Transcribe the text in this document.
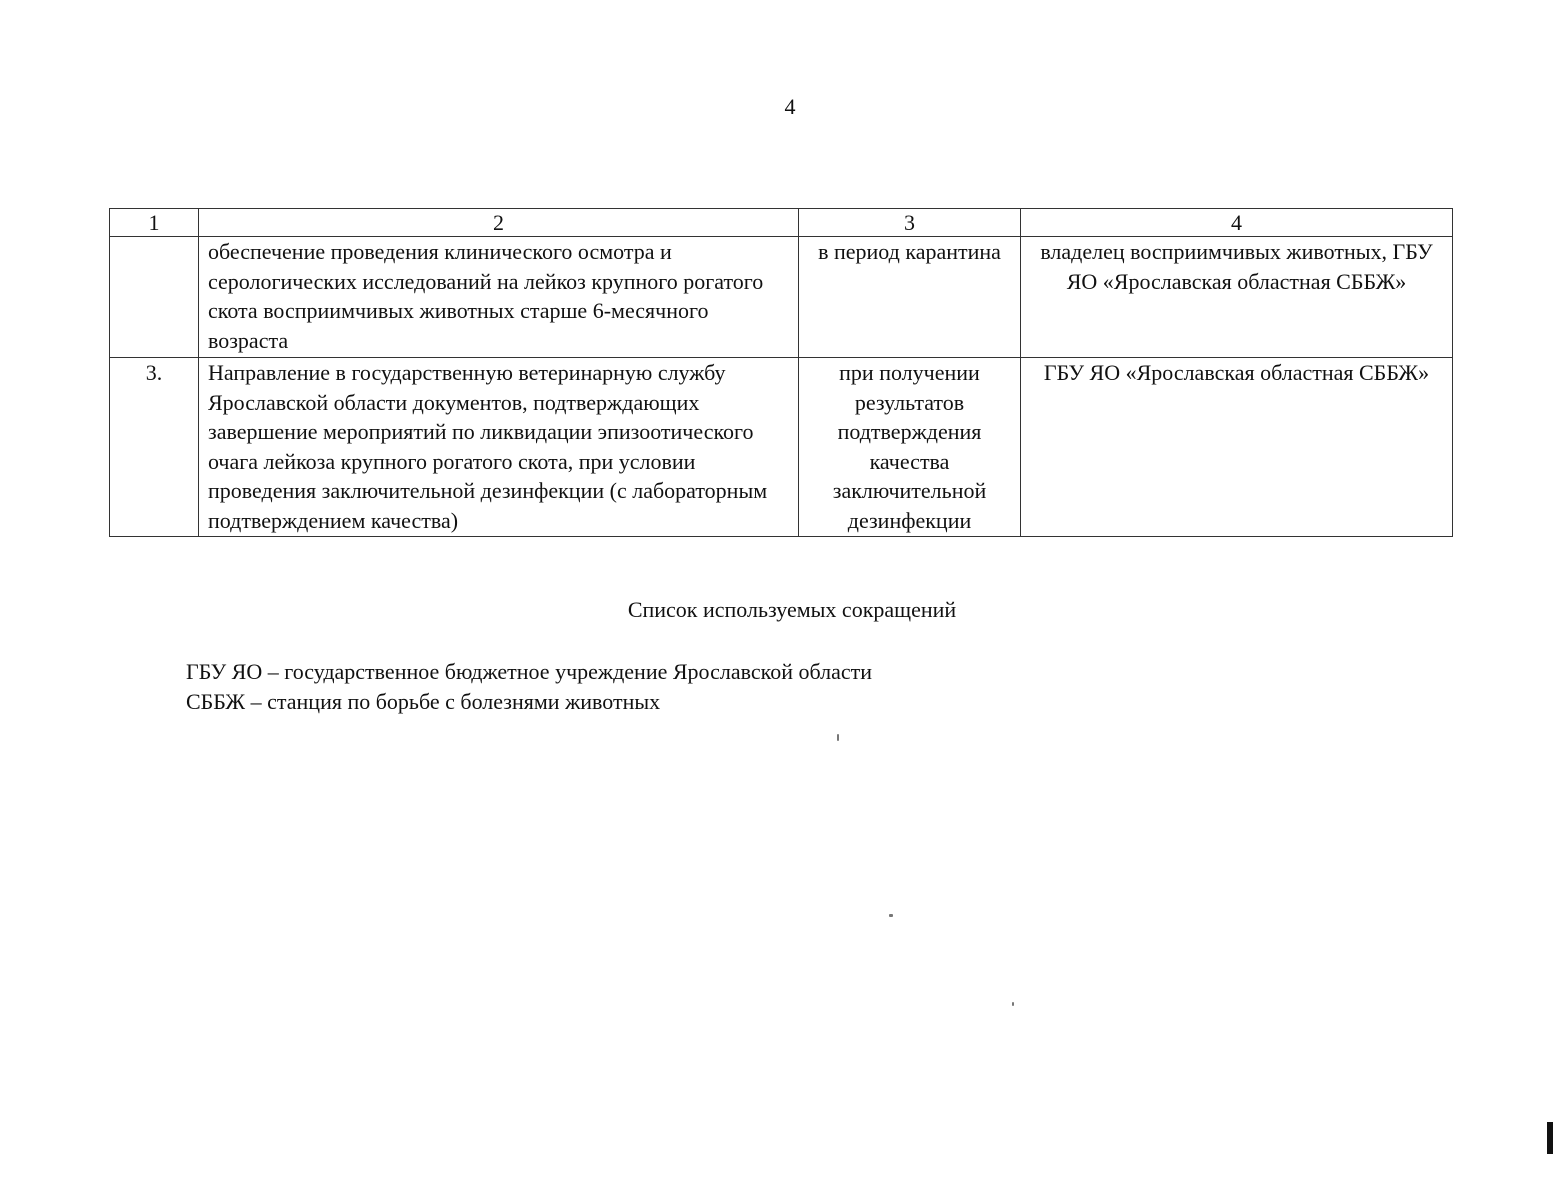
4
1	2	3	4
	обеспечение проведения клинического осмотра и серологических исследований на лейкоз крупного рогатого скота восприимчивых животных старше 6-месячного возраста	в период карантина	владелец восприимчивых животных, ГБУ ЯО «Ярославская областная СББЖ»
3.	Направление в государственную ветеринарную службу Ярославской области документов, подтверждающих завершение мероприятий по ликвидации эпизоотического очага лейкоза крупного рогатого скота, при условии проведения заключительной дезинфекции (с лабораторным подтверждением качества)	при получении результатов подтверждения качества заключительной дезинфекции	ГБУ ЯО «Ярославская областная СББЖ»
Список используемых сокращений
ГБУ ЯО – государственное бюджетное учреждение Ярославской области
СББЖ – станция по борьбе с болезнями животных
